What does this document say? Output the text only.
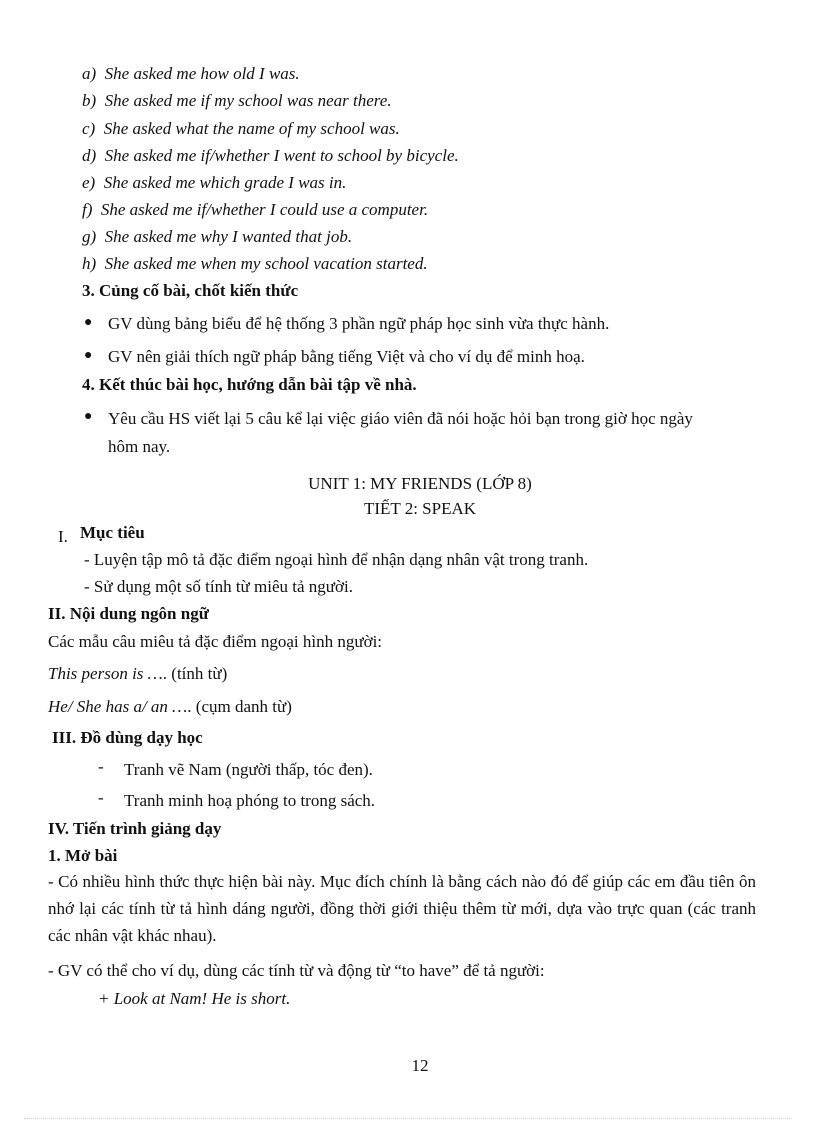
a) She asked me how old I was.
b) She asked me if my school was near there.
c) She asked what the name of my school was.
d) She asked me if/whether I went to school by bicycle.
e) She asked me which grade I was in.
f) She asked me if/whether I could use a computer.
g) She asked me why I wanted that job.
h) She asked me when my school vacation started.
3. Củng cố bài, chốt kiến thức
● GV dùng bảng biểu để hệ thống 3 phần ngữ pháp học sinh vừa thực hành.
● GV nên giải thích ngữ pháp bằng tiếng Việt và cho ví dụ để minh hoạ.
4. Kết thúc bài học, hướng dẫn bài tập về nhà.
● Yêu cầu HS viết lại 5 câu kể lại việc giáo viên đã nói hoặc hỏi bạn trong giờ học ngày
hôm nay.
UNIT 1: MY FRIENDS (LỚP 8)
TIẾT 2: SPEAK
I. Mục tiêu
- Luyện tập mô tả đặc điểm ngoại hình để nhận dạng nhân vật trong tranh.
- Sử dụng một số tính từ miêu tả người.
II. Nội dung ngôn ngữ
Các mẫu câu miêu tả đặc điểm ngoại hình người:
This person is …. (tính từ)
He/ She has a/ an …. (cụm danh từ)
III. Đồ dùng dạy học
- Tranh vẽ Nam (người thấp, tóc đen).
- Tranh minh hoạ phóng to trong sách.
IV. Tiến trình giảng dạy
1. Mở bài
- Có nhiều hình thức thực hiện bài này. Mục đích chính là bằng cách nào đó để giúp các em đầu tiên ôn nhớ lại các tính từ tả hình dáng người, đồng thời giới thiệu thêm từ mới, dựa vào trực quan (các tranh các nhân vật khác nhau).
- GV có thể cho ví dụ, dùng các tính từ và động từ “to have” để tả người:
+ Look at Nam! He is short.
12
